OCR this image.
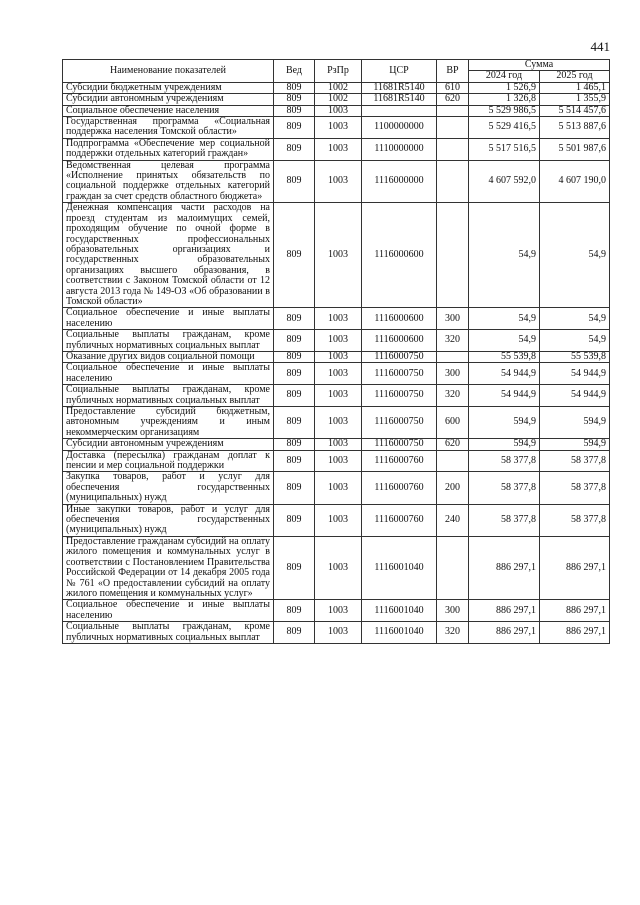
441
Наименование показателей	Вед	РзПр	ЦСР	ВР	Сумма	
					2024 год	2025 год
Субсидии бюджетным учреждениям	809	1002	11681R5140	610	1 526,9	1 465,1
Субсидии автономным учреждениям	809	1002	11681R5140	620	1 326,8	1 355,9
Социальное обеспечение населения	809	1003			5 529 986,5	5 514 457,6
Государственная программа «Социальная поддержка населения Томской области»	809	1003	1100000000		5 529 416,5	5 513 887,6
Подпрограмма «Обеспечение мер социальной поддержки отдельных категорий граждан»	809	1003	1110000000		5 517 516,5	5 501 987,6
Ведомственная целевая программа «Исполнение принятых обязательств по социальной поддержке отдельных категорий граждан за счет средств областного бюджета»	809	1003	1116000000		4 607 592,0	4 607 190,0
Денежная компенсация части расходов на проезд студентам из малоимущих семей, проходящим обучение по очной форме в государственных профессиональных образовательных организациях и государственных образовательных организациях высшего образования, в соответствии с Законом Томской области от 12 августа 2013 года № 149-ОЗ «Об образовании в Томской области»	809	1003	1116000600		54,9	54,9
Социальное обеспечение и иные выплаты населению	809	1003	1116000600	300	54,9	54,9
Социальные выплаты гражданам, кроме публичных нормативных социальных выплат	809	1003	1116000600	320	54,9	54,9
Оказание других видов социальной помощи	809	1003	1116000750		55 539,8	55 539,8
Социальное обеспечение и иные выплаты населению	809	1003	1116000750	300	54 944,9	54 944,9
Социальные выплаты гражданам, кроме публичных нормативных социальных выплат	809	1003	1116000750	320	54 944,9	54 944,9
Предоставление субсидий бюджетным, автономным учреждениям и иным некоммерческим организациям	809	1003	1116000750	600	594,9	594,9
Субсидии автономным учреждениям	809	1003	1116000750	620	594,9	594,9
Доставка (пересылка) гражданам доплат к пенсии и мер социальной поддержки	809	1003	1116000760		58 377,8	58 377,8
Закупка товаров, работ и услуг для обеспечения государственных (муниципальных) нужд	809	1003	1116000760	200	58 377,8	58 377,8
Иные закупки товаров, работ и услуг для обеспечения государственных (муниципальных) нужд	809	1003	1116000760	240	58 377,8	58 377,8
Предоставление гражданам субсидий на оплату жилого помещения и коммунальных услуг в соответствии с Постановлением Правительства Российской Федерации от 14 декабря 2005 года № 761 «О предоставлении субсидий на оплату жилого помещения и коммунальных услуг»	809	1003	1116001040		886 297,1	886 297,1
Социальное обеспечение и иные выплаты населению	809	1003	1116001040	300	886 297,1	886 297,1
Социальные выплаты гражданам, кроме публичных нормативных социальных выплат	809	1003	1116001040	320	886 297,1	886 297,1
